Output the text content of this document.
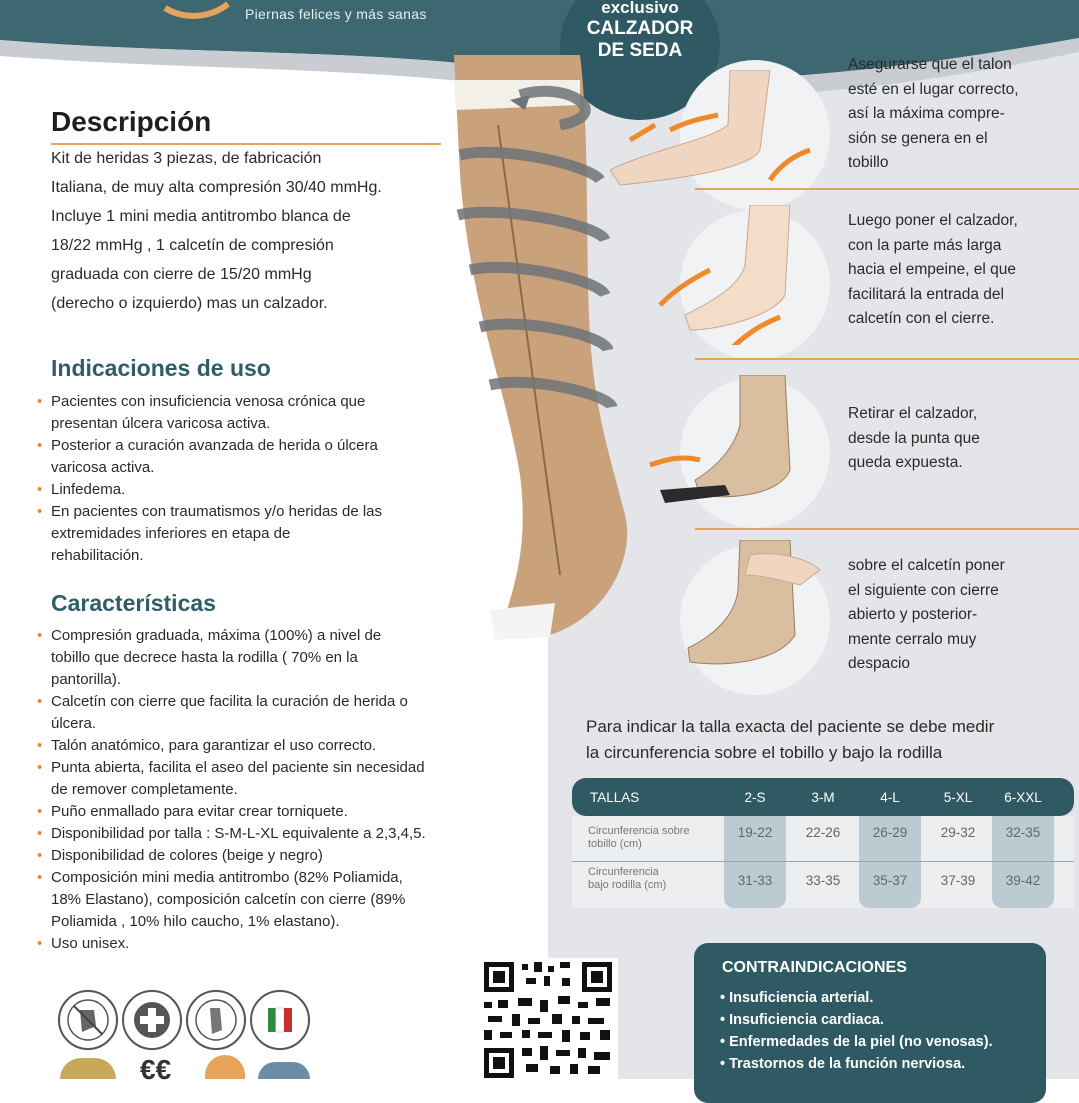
Piernas felices y más sanas	exclusivo
CALZADOR
DE SEDA
Descripción
Kit de heridas 3 piezas, de fabricación
Italiana, de muy alta compresión 30/40 mmHg.
Incluye 1 mini media antitrombo blanca de
18/22 mmHg , 1 calcetín de compresión
graduada con cierre de 15/20 mmHg
(derecho o izquierdo) mas un calzador.
Indicaciones de uso
• Pacientes con insuficiencia venosa crónica que
presentan úlcera varicosa activa.
• Posterior a curación avanzada de herida o úlcera
varicosa activa.
• Linfedema.
• En pacientes con traumatismos y/o heridas de las
extremidades inferiores en etapa de
rehabilitación.
Características
• Compresión graduada, máxima (100%) a nivel de
tobillo que decrece hasta la rodilla ( 70% en la
pantorilla).
• Calcetín con cierre que facilita la curación de herida o
úlcera.
• Talón anatómico, para garantizar el uso correcto.
• Punta abierta, facilita el aseo del paciente sin necesidad
de remover completamente.
• Puño enmallado para evitar crear torniquete.
• Disponibilidad por talla : S-M-L-XL equivalente a 2,3,4,5.
• Disponibilidad de colores (beige y negro)
• Composición mini media antitrombo (82% Poliamida,
18% Elastano), composición calcetín con cierre (89%
Poliamida , 10% hilo caucho, 1% elastano).
• Uso unisex.
Asegurarse que el talon
esté en el lugar correcto,
así la máxima compre-
sión se genera en el
tobillo
Luego poner el calzador,
con la parte más larga
hacia el empeine, el que
facilitará la entrada del
calcetín con el cierre.
Retirar el calzador,
desde la punta que
queda expuesta.
sobre el calcetín poner
el siguiente con cierre
abierto y posterior-
mente cerralo muy
despacio
Para indicar la talla exacta del paciente se debe medir
la circunferencia sobre el tobillo y bajo la rodilla
TALLAS	2-S	3-M	4-L	5-XL	6-XXL
Circunferencia sobre
tobillo (cm)
19-22	22-26	26-29	29-32	32-35
Circunferencia
bajo rodilla (cm)	31-33	33-35	35-37	37-39	39-42
€€
CONTRAINDICACIONES
• Insuficiencia arterial.
• Insuficiencia cardiaca.
• Enfermedades de la piel (no venosas).
• Trastornos de la función nerviosa.
